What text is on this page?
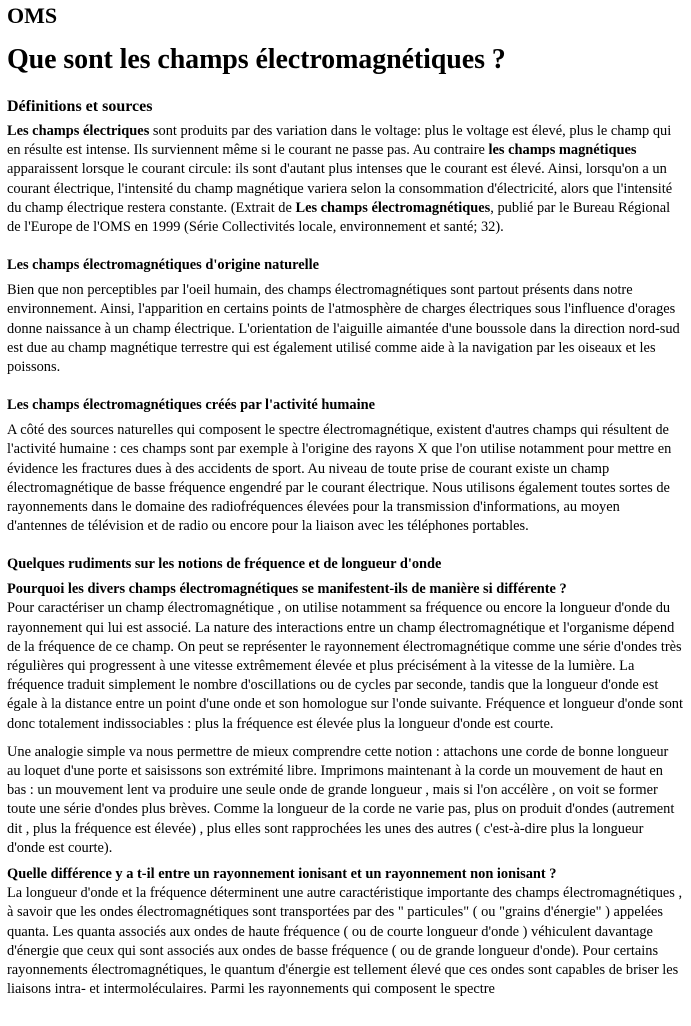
OMS
Que sont les champs électromagnétiques ?
Définitions et sources

Les champs électriques sont produits par des variation dans le voltage: plus le voltage est élevé, plus le champ qui en résulte est intense. Ils surviennent même si le courant ne passe pas. Au contraire les champs magnétiques apparaissent lorsque le courant circule: ils sont d'autant plus intenses que le courant est élevé. Ainsi, lorsqu'on a un courant électrique, l'intensité du champ magnétique variera selon la consommation d'électricité, alors que l'intensité du champ électrique restera constante. (Extrait de Les champs électromagnétiques, publié par le Bureau Régional de l'Europe de l'OMS en 1999 (Série Collectivités locale, environnement et santé; 32).

Les champs électromagnétiques d'origine naturelle

Bien que non perceptibles par l'oeil humain, des champs électromagnétiques sont partout présents dans notre environnement. Ainsi, l'apparition en certains points de l'atmosphère de charges électriques sous l'influence d'orages donne naissance à un champ électrique. L'orientation de l'aiguille aimantée d'une boussole dans la direction nord-sud est due au champ magnétique terrestre qui est également utilisé comme aide à la navigation par les oiseaux et les poissons.

Les champs électromagnétiques créés par l'activité humaine

A côté des sources naturelles qui composent le spectre électromagnétique, existent d'autres champs qui résultent de l'activité humaine : ces champs sont par exemple à l'origine des rayons X que l'on utilise notamment pour mettre en évidence les fractures dues à des accidents de sport. Au niveau de toute prise de courant existe un champ électromagnétique de basse fréquence engendré par le courant électrique. Nous utilisons également toutes sortes de rayonnements dans le domaine des radiofréquences élevées pour la transmission d'informations, au moyen d'antennes de télévision et de radio ou encore pour la liaison avec les téléphones portables.

Quelques rudiments sur les notions de fréquence et de longueur d'onde
Pourquoi les divers champs électromagnétiques se manifestent-ils de manière si différente ?

Pour caractériser un champ électromagnétique , on utilise notamment sa fréquence ou encore la longueur d'onde du rayonnement qui lui est associé. La nature des interactions entre un champ électromagnétique et l'organisme dépend de la fréquence de ce champ. On peut se représenter le rayonnement électromagnétique comme une série d'ondes très régulières qui progressent à une vitesse extrêmement élevée et plus précisément à la vitesse de la lumière. La fréquence traduit simplement le nombre d'oscillations ou de cycles par seconde, tandis que la longueur d'onde est égale à la distance entre un point d'une onde et son homologue sur l'onde suivante. Fréquence et longueur d'onde sont donc totalement indissociables : plus la fréquence est élevée plus la longueur d'onde est courte.

Une analogie simple va nous permettre de mieux comprendre cette notion : attachons une corde de bonne longueur au loquet d'une porte et saisissons son extrémité libre. Imprimons maintenant à la corde un mouvement de haut en bas : un mouvement lent va produire une seule onde de grande longueur , mais si l'on accélère , on voit se former toute une série d'ondes plus brèves. Comme la longueur de la corde ne varie pas, plus on produit d'ondes (autrement dit , plus la fréquence est élevée) , plus elles sont rapprochées les unes des autres ( c'est-à-dire plus la longueur d'onde est courte).

Quelle différence y a t-il entre un rayonnement ionisant et un rayonnement non ionisant ?

La longueur d'onde et la fréquence déterminent une autre caractéristique importante des champs électromagnétiques , à savoir que les ondes électromagnétiques sont transportées par des " particules" ( ou "grains d'énergie" ) appelées quanta. Les quanta associés aux ondes de haute fréquence ( ou de courte longueur d'onde ) véhiculent davantage d'énergie que ceux qui sont associés aux ondes de basse fréquence ( ou de grande longueur d'onde). Pour certains rayonnements électromagnétiques, le quantum d'énergie est tellement élevé que ces ondes sont capables de briser les liaisons intra- et intermoléculaires. Parmi les rayonnements qui composent le spectre
